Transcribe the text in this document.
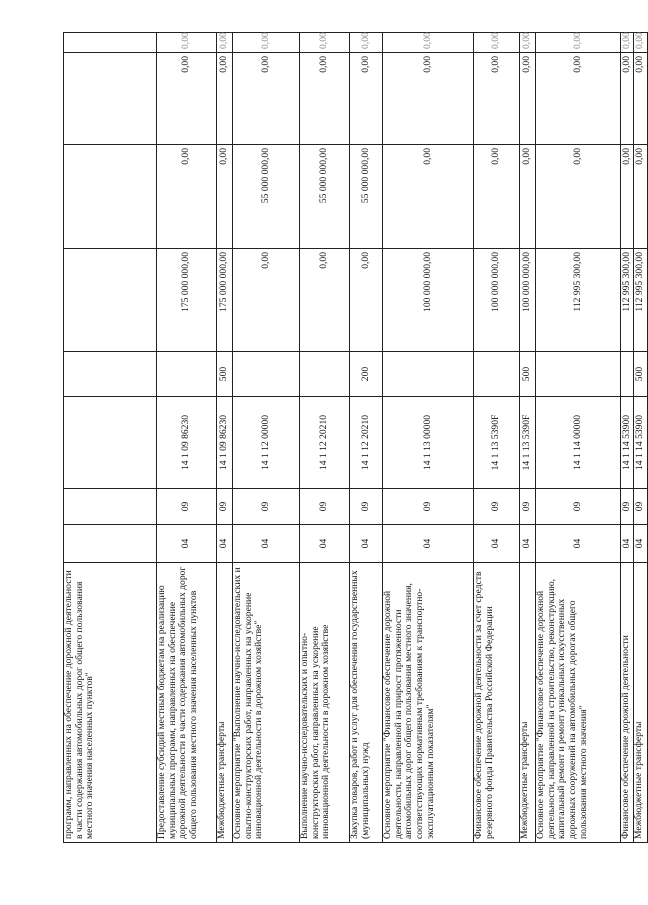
программ, направленных на обеспечение дорожной деятельности в части содержания автомобильных дорог общего пользования местного значения населенных пунктов"								
Предоставление субсидий местным бюджетам на реализацию муниципальных программ, направленных на обеспечение дорожной деятельности в части содержания автомобильных дорог общего пользования местного значения населенных пунктов	04	09	14 1 09 86230		175 000 000,00	0,00	0,00	0,00
Межбюджетные трансферты	04	09	14 1 09 86230	500	175 000 000,00	0,00	0,00	0,00
Основное мероприятие "Выполнение научно-исследовательских и опытно-конструкторских работ, направленных на ускорение инновационной деятельности в дорожном хозяйстве"	04	09	14 1 12 00000		0,00	55 000 000,00	0,00	0,00
Выполнение научно-исследовательских и опытно-конструкторских работ, направленных на ускорение инновационной деятельности в дорожном хозяйстве	04	09	14 1 12 20210		0,00	55 000 000,00	0,00	0,00
Закупка товаров, работ и услуг для обеспечения государственных (муниципальных) нужд	04	09	14 1 12 20210	200	0,00	55 000 000,00	0,00	0,00
Основное мероприятие "Финансовое обеспечение дорожной деятельности, направленной на прирост протяженности автомобильных дорог общего пользования местного значения, соответствующих нормативным требованиям к транспортно-эксплуатационным показателям"	04	09	14 1 13 00000		100 000 000,00	0,00	0,00	0,00
Финансовое обеспечение дорожной деятельности за счет средств резервного фонда Правительства Российской Федерации	04	09	14 1 13 5390F		100 000 000,00	0,00	0,00	0,00
Межбюджетные трансферты	04	09	14 1 13 5390F	500	100 000 000,00	0,00	0,00	0,00
Основное мероприятие "Финансовое обеспечение дорожной деятельности, направленной на строительство, реконструкцию, капитальный ремонт и ремонт уникальных искусственных дорожных сооружений на автомобильных дорогах общего пользования местного значения"	04	09	14 1 14 00000		112 995 300,00	0,00	0,00	0,00
Финансовое обеспечение дорожной деятельности	04	09	14 1 14 53900		112 995 300,00	0,00	0,00	0,00
Межбюджетные трансферты	04	09	14 1 14 53900	500	112 995 300,00	0,00	0,00	0,00
